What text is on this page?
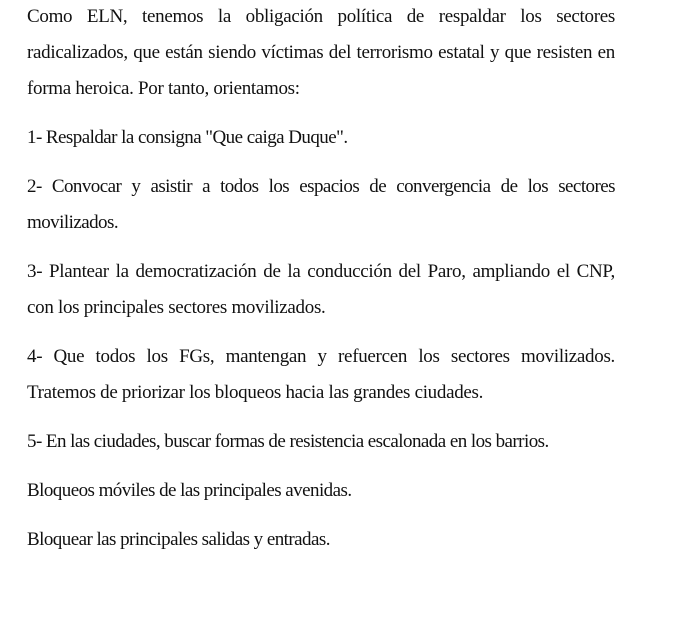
Como ELN, tenemos la obligación política de respaldar los sectores radicalizados, que están siendo víctimas del terrorismo estatal y que resisten en forma heroica. Por tanto, orientamos:

1- Respaldar la consigna "Que caiga Duque".

2- Convocar y asistir a todos los espacios de convergencia de los sectores movilizados.

3- Plantear la democratización de la conducción del Paro, ampliando el CNP, con los principales sectores movilizados.

4- Que todos los FGs, mantengan y refuercen los sectores movilizados. Tratemos de priorizar los bloqueos hacia las grandes ciudades.

5- En las ciudades, buscar formas de resistencia escalonada en los barrios.

Bloqueos móviles de las principales avenidas.

Bloquear las principales salidas y entradas.
